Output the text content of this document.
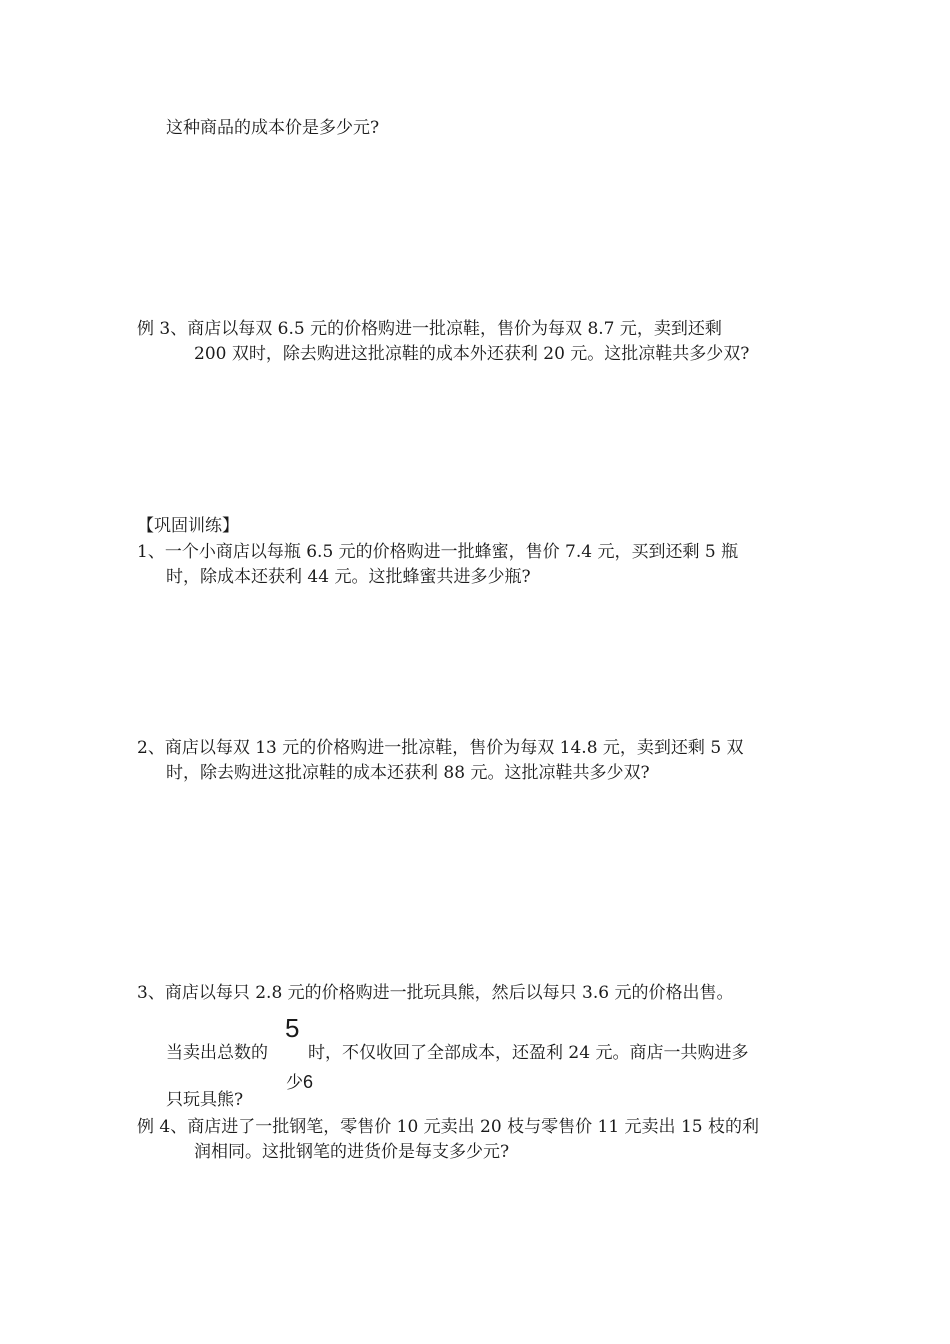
这种商品的成本价是多少元?
例 3、商店以每双 6.5 元的价格购进一批凉鞋，售价为每双 8.7 元，卖到还剩
200 双时，除去购进这批凉鞋的成本外还获利 20 元。这批凉鞋共多少双?
【巩固训练】
1、一个小商店以每瓶 6.5 元的价格购进一批蜂蜜，售价 7.4 元，买到还剩 5 瓶
时，除成本还获利 44 元。这批蜂蜜共进多少瓶?
2、商店以每双 13 元的价格购进一批凉鞋，售价为每双 14.8 元，卖到还剩 5 双
时，除去购进这批凉鞋的成本还获利 88 元。这批凉鞋共多少双?
3、商店以每只 2.8 元的价格购进一批玩具熊，然后以每只 3.6 元的价格出售。
5
当卖出总数的 时，不仅收回了全部成本，还盈利 24 元。商店一共购进多
少6
只玩具熊?
例 4、商店进了一批钢笔，零售价 10 元卖出 20 枝与零售价 11 元卖出 15 枝的利
润相同。这批钢笔的进货价是每支多少元?
